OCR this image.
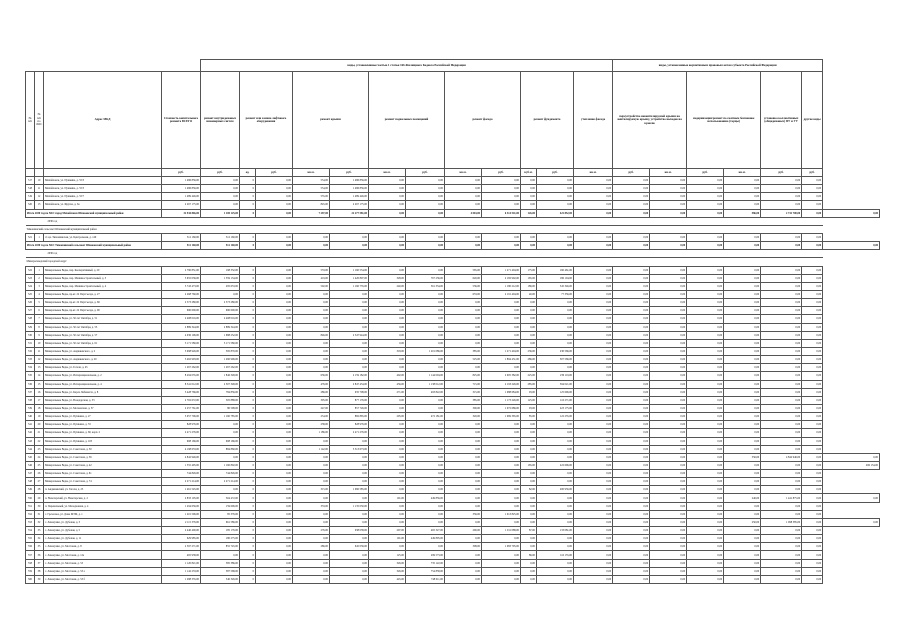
				виды, установленные частью 1 статьи 166 Жилищного Кодекса Российской Федерации												виды, установленные нормативным правовым актом субъекта Российской Федерации						
№ п/п	№ п/п по ЛОС	Адрес МКД	Стоимость капитального ремонта ВСЕГО	ремонт внутридомовых инженерных систем	ремонт или замена лифтового оборудования		ремонт крыши		ремонт подвальных помещений		ремонт фасада		ремонт фундамента		утепление фасада	переустройство невентилируемой крыши на вентилируемую крышу, устройство выходов на кровлю		модернизация/ремонт по скатным бесшовное использованию (торцы)		установка коллективных (общедомовых) ПУ и УУ	другие виды	
			руб.	руб.	ед.	руб.	кв.м.	руб.	кв.м.	руб.	кв.м.	руб.	куб.м.	руб.	кв.м.	руб.	кв.м.	руб.	кв.м.	руб.	руб.	
517	10	Михайловск, ул. Пушкина, д. 55/3	1 486 856,00	0,00	0	0,00	554,00	1 486 856,00	0,00	0,00	0,00	0,00	0,00	0,00	0,00	0,00	0,00	0,00	0,00	0,00	0,00	
518	11	Михайловск, ул. Пушкина, д. 55/3	1 486 856,00	0,00	0	0,00	554,00	1 486 856,00	0,00	0,00	0,00	0,00	0,00	0,00	0,00	0,00	0,00	0,00	0,00	0,00	0,00	
519	12	Михайловск, ул. Пушкина, д. 55/7	1 489 446,00	0,00	0	0,00	555,00	1 489 446,00	0,00	0,00	0,00	0,00	0,00	0,00	0,00	0,00	0,00	0,00	0,00	0,00	0,00	
520	13	Михайловск, ул. Фрунзе, д. 6а	2 267 175,00	0,00	0	0,00	845,00	2 267 175,00	0,00	0,00	0,00	0,00	0,00	0,00	0,00	0,00	0,00	0,00	0,00	0,00	0,00	
Итого 2030 год по МО: город Михайловск Шпаковский муниципальный район			32 944 866,00	1 100 125,00	0	0,00	7 297,00	22 277 581,00	0,00	0,00	4 063,00	6 314 541,00	126,00	422 852,00	0,00	0,00	0,00	0,00	586,00	2 741 700,00	0,00	0,00
2030 год																						
Тимошинский сельсовет Шпаковский муниципальный район																						
521	1	ст-ца. Тимошинская, ул. Центральная, д. 149	512 160,00	512 160,00	0	0,00	0,00	0,00	0,00	0,00	0,00	0,00	0,00	0,00	0,00	0,00	0,00	0,00	0,00	0,00	0,00	
Итого 2030 год по МО: Тимошинский сельсовет Шпаковский муниципальный район			512 160,00	512 160,00	0	0,00	0,00	0,00	0,00	0,00	0,00	0,00	0,00	0,00	0,00	0,00	0,00	0,00	0,00	0,00	0,00	0,00
2030 год																						
Минераловодский городской округ																						
522	1	Минеральные Воды, пер. Кооперативный, д. 20	2 790 851,00	198 332,00	0	0,00	533,00	1 160 554,00	0,00	0,00	565,00	1 271 404,00	175,00	160 461,00	0,00	0,00	0,00	0,00	0,00	0,00	0,00	
523	2	Минеральные Воды, пер. Машиностроительный, д. 3	3 655 036,00	1 359 134,00	0	0,00	419,00	1 420 807,00	328,00	767 236,00	620,00	2 182 992,00	165,00	186 104,00	0,00	0,00	0,00	0,00	0,00	0,00	0,00	
524	3	Минеральные Воды, пер. Машиностроительный, д. 4	3 743 473,00	295 653,00	0	0,00	502,00	1 160 735,00	240,00	561 334,00	536,00	1 180 212,00	186,00	545 346,00	0,00	0,00	0,00	0,00	0,00	0,00	0,00	
525	4	Минеральные Воды, пр-кт. 22 Партсъезда, д. 27	2 268 760,00	0,00	0	0,00	0,00	0,00	0,00	0,00	653,00	2 191 404,00	40,00	77 356,00	0,00	0,00	0,00	0,00	0,00	0,00	0,00	
526	5	Минеральные Воды, пр-кт. 22 Партсъезда, д. 66	2 573 280,00	2 573 280,00	0	0,00	0,00	0,00	0,00	0,00	0,00	0,00	0,00	0,00	0,00	0,00	0,00	0,00	0,00	0,00	0,00	
527	6	Минеральные Воды, пр-кт. 22 Партсъезда, д. 90	690 600,00	690 600,00	0	0,00	0,00	0,00	0,00	0,00	0,00	0,00	0,00	0,00	0,00	0,00	0,00	0,00	0,00	0,00	0,00	
528	7	Минеральные Воды, ул. 50 лет Октября, д. 51	2 408 016,00	2 408 016,00	0	0,00	0,00	0,00	0,00	0,00	0,00	0,00	0,00	0,00	0,00	0,00	0,00	0,00	0,00	0,00	0,00	
529	8	Минеральные Воды, ул. 50 лет Октября, д. 53	2 889 344,00	2 889 344,00	0	0,00	0,00	0,00	0,00	0,00	0,00	0,00	0,00	0,00	0,00	0,00	0,00	0,00	0,00	0,00	0,00	
530	9	Минеральные Воды, ул. 50 лет Октября, д. 57	4 036 196,00	1 688 252,00	0	0,00	846,00	2 347 944,00	0,00	0,00	0,00	0,00	0,00	0,00	0,00	0,00	0,00	0,00	0,00	0,00	0,00	
531	10	Минеральные Воды, ул. 50 лет Октября, д. 61	3 171 580,00	3 171 580,00	0	0,00	0,00	0,00	0,00	0,00	0,00	0,00	0,00	0,00	0,00	0,00	0,00	0,00	0,00	0,00	0,00	
532	11	Минеральные Воды, ул. Анджиевского, д. 2	3 098 926,00	395 870,00	0	0,00	0,00	0,00	318,00	1 201 086,00	385,00	1 271 404,00	236,00	230 566,00	0,00	0,00	0,00	0,00	0,00	0,00	0,00	
533	12	Минеральные Воды, ул. Анджиевского, д. 20	3 462 993,00	1 260 996,00	0	0,00	0,00	0,00	0,00	0,00	525,00	1 894 431,00	286,00	307 566,00	0,00	0,00	0,00	0,00	0,00	0,00	0,00	
534	13	Минеральные Воды, ул. Гоголя, д. 45	1 267 262,00	1 267 262,00	0	0,00	0,00	0,00	0,00	0,00	0,00	0,00	0,00	0,00	0,00	0,00	0,00	0,00	0,00	0,00	0,00	
535	14	Минеральные Воды, ул. Интернациональная, д. 2	8 294 035,00	1 846 348,00	0	0,00	636,00	2 159 182,00	402,00	1 144 004,00	825,00	2 905 382,00	225,00	239 119,00	0,00	0,00	0,00	0,00	0,00	0,00	0,00	
536	15	Минеральные Воды, ул. Интернациональная, д. 4	8 341 012,00	2 307 348,00	0	0,00	476,00	2 847 434,00	456,00	1 138 012,00	715,00	2 193 226,00	285,00	394 021,00	0,00	0,00	0,00	0,00	0,00	0,00	0,00	
537	16	Минеральные Воды, ул. Карла Либкнехта, д. 8	3 428 766,00	784 856,00	0	0,00	286,00	935 708,00	271,00	493 822,00	315,00	1 088 684,00	93,00	125 696,00	0,00	0,00	0,00	0,00	0,00	0,00	0,00	
538	17	Минеральные Воды, ул. Володарская, д. 33	2 702 672,00	505 888,00	0	0,00	305,00	877 176,00	0,00	0,00	385,00	1 173 226,00	125,00	116 271,00	0,00	0,00	0,00	0,00	0,00	0,00	0,00	
539	18	Минеральные Воды, ул. Московская, д. 37	2 257 761,00	80 598,00	0	0,00	247,00	857 726,00	0,00	0,00	300,00	1 072 686,00	93,00	223 175,00	0,00	0,00	0,00	0,00	0,00	0,00	0,00	
540	19	Минеральные Воды, ул. Пушкина, д. 27	3 057 706,00	1 160 785,00	0	0,00	254,00	882 865,00	205,00	472 181,00	320,00	1 069 365,00	85,00	122 235,00	0,00	0,00	0,00	0,00	0,00	0,00	0,00	
541	20	Минеральные Воды, ул. Пушкина, д. 53	828 976,00	0,00	0	0,00	238,00	828 976,00	0,00	0,00	0,00	0,00	0,00	0,00	0,00	0,00	0,00	0,00	0,00	0,00	0,00	
542	21	Минеральные Воды, ул. Пушкина, д. 60, корп. 2	2 471 276,00	0,00	0	0,00	1 186,00	2 471 276,00	0,00	0,00	0,00	0,00	0,00	0,00	0,00	0,00	0,00	0,00	0,00	0,00	0,00	
543	22	Минеральные Воды, ул. Пушкина, д. 103	908 166,00	908 166,00	0	0,00	0,00	0,00	0,00	0,00	0,00	0,00	0,00	0,00	0,00	0,00	0,00	0,00	0,00	0,00	0,00	
544	23	Минеральные Воды, ул. Советская, д. 30	4 198 633,00	884 860,00	0	0,00	1 142,00	3 313 673,00	0,00	0,00	0,00	0,00	0,00	0,00	0,00	0,00	0,00	0,00	0,00	0,00	0,00	
545	24	Минеральные Воды, ул. Советская, д. 36	4 842 946,00	0,00	0	0,00	0,00	0,00	0,00	0,00	0,00	0,00	0,00	0,00	0,00	0,00	0,00	0,00	556,00	4 842 946,00	0,00	0,00
546	25	Минеральные Воды, ул. Советская, д. 42	1 555 495,00	1 160 802,00	0	0,00	0,00	0,00	0,00	0,00	0,00	0,00	165,00	222 696,00	0,00	0,00	0,00	0,00	0,00	0,00	0,00	206 154,00
547	26	Минеральные Воды, ул. Советская, д. 61	744 826,00	744 826,00	0	0,00	0,00	0,00	0,00	0,00	0,00	0,00	0,00	0,00	0,00	0,00	0,00	0,00	0,00	0,00	0,00	
548	27	Минеральные Воды, ул. Советская, д. 74	2 271 214,00	2 271 214,00	0	0,00	0,00	0,00	0,00	0,00	0,00	0,00	0,00	0,00	0,00	0,00	0,00	0,00	0,00	0,00	0,00	
549	28	п. Анджиевский, ул. Гоголя, д. 25	1 461 545,00	0,00	0	0,00	315,00	1 060 585,00	0,00	0,00	0,00	0,00	82,00	200 956,00	0,00	0,00	0,00	0,00	0,00	0,00	0,00	
550	29	п. Новотерский, ул. Новотерская, д. 2	2 833 105,00	304 472,00	0	0,00	0,00	0,00	191,00	449 856,00	0,00	0,00	0,00	0,00	0,00	0,00	0,00	0,00	246,00	1 441 875,00	0,00	0,00
551	30	п. Перевальный, ул. Молодежная, д. 4	1 294 656,00	159 606,00	0	0,00	333,00	1 135 050,00	0,00	0,00	0,00	0,00	0,00	0,00	0,00	0,00	0,00	0,00	0,00	0,00	0,00	
552	31	с. Греческое, ул. Дома МТМ, д. 1	1 201 596,00	85 376,00	0	0,00	0,00	0,00	0,00	0,00	356,00	1 013 825,00	0,00	0,00	0,00	0,00	0,00	0,00	0,00	0,00	0,00	
553	32	с. Левокумка, ул. Дубовая, д. 3	2 115 376,00	661 586,00	0	0,00	0,00	0,00	0,00	0,00	0,00	0,00	0,00	0,00	0,00	0,00	0,00	0,00	250,00	1 098 385,00	0,00	0,00
554	33	с. Левокумка, ул. Дубовая, д. 5	2 440 400,00	185 176,00	0	0,00	276,00	938 038,00	297,00	465 327,00	290,00	1 011 088,00	87,00	133 081,00	0,00	0,00	0,00	0,00	0,00	0,00	0,00	
555	34	с. Левокумка, ул. Дубовая, д. 11	629 985,00	180 275,00	0	0,00	0,00	0,00	191,00	449 805,00	0,00	0,00	0,00	0,00	0,00	0,00	0,00	0,00	0,00	0,00	0,00	
556	35	с. Левокумка, ул. Мостовая, д. 8	2 597 271,00	855 745,00	0	0,00	286,00	645 056,00	0,00	0,00	308,00	1 083 795,00	0,00	0,00	0,00	0,00	0,00	0,00	0,00	0,00	0,00	
557	36	с. Левокумка, ул. Мостовая, д. 12а	465 938,00	0,00	0	0,00	0,00	0,00	125,00	299 573,00	0,00	0,00	86,00	116 155,00	0,00	0,00	0,00	0,00	0,00	0,00	0,00	
558	37	с. Левокумка, ул. Мостовая, д. 53	1 120 821,00	385 386,00	0	0,00	0,00	0,00	326,00	735 122,00	0,00	0,00	0,00	0,00	0,00	0,00	0,00	0,00	0,00	0,00	0,00	
559	38	с. Левокумка, ул. Мостовая, д. 53 а	1 142 233,00	387 568,00	0	0,00	0,00	0,00	326,00	754 858,00	0,00	0,00	0,00	0,00	0,00	0,00	0,00	0,00	0,00	0,00	0,00	
560	39	с. Левокумка, ул. Мостовая, д. 53 б	1 288 335,00	540 326,00	0	0,00	0,00	0,00	445,00	748 011,00	0,00	0,00	0,00	0,00	0,00	0,00	0,00	0,00	0,00	0,00	0,00	
